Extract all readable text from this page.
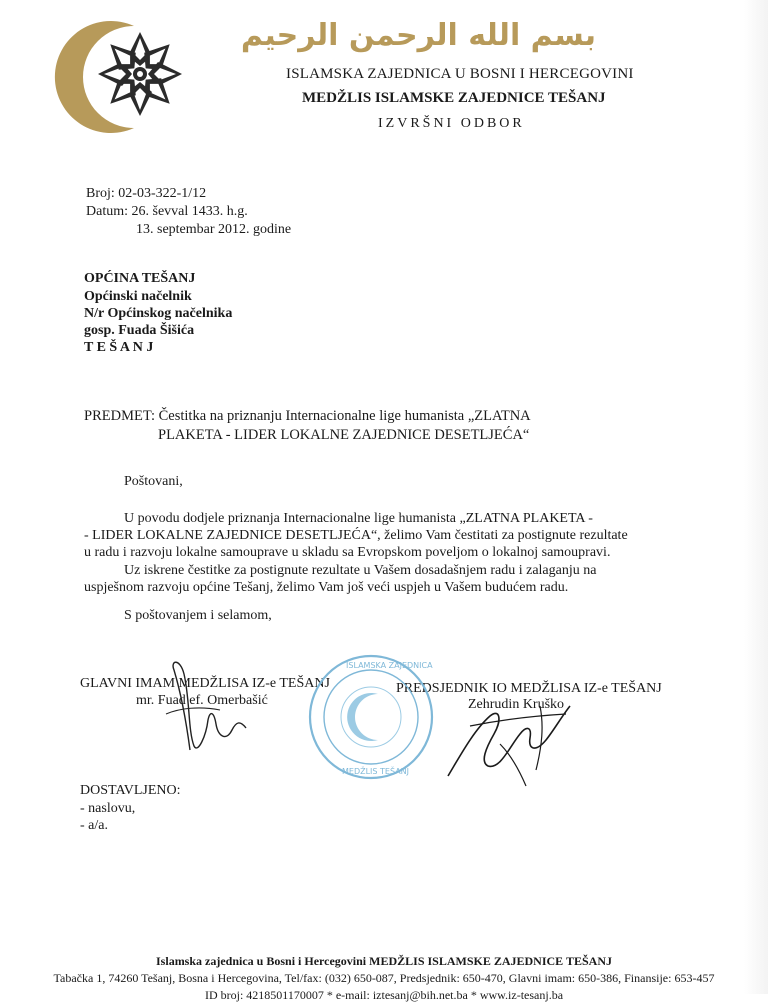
بسم الله الرحمن الرحيم
ISLAMSKA ZAJEDNICA U BOSNI I HERCEGOVINI
MEDŽLIS ISLAMSKE ZAJEDNICE TEŠANJ
IZVRŠNI ODBOR
Broj: 02-03-322-1/12
Datum: 26. ševval 1433. h.g.
13. septembar 2012. godine
OPĆINA TEŠANJ
Općinski načelnik
N/r Općinskog načelnika
gosp. Fuada Šišića
T E Š A N J
PREDMET: Čestitka na priznanju Internacionalne lige humanista „ZLATNA
PLAKETA - LIDER LOKALNE ZAJEDNICE DESETLJEĆA“
Poštovani,
U povodu dodjele priznanja Internacionalne lige humanista „ZLATNA PLAKETA -
- LIDER LOKALNE ZAJEDNICE DESETLJEĆA“, želimo Vam čestitati za postignute rezultate
u radu i razvoju lokalne samouprave u skladu sa Evropskom poveljom o lokalnoj samoupravi.
Uz iskrene čestitke za postignute rezultate u Vašem dosadašnjem radu i zalaganju na
uspješnom razvoju općine Tešanj, želimo Vam još veći uspjeh u Vašem budućem radu.
S poštovanjem i selamom,
GLAVNI IMAM MEDŽLISA IZ-e TEŠANJ
mr. Fuad ef. Omerbašić
PREDSJEDNIK IO MEDŽLISA IZ-e TEŠANJ
Zehrudin Kruško
ISLAMSKA ZAJEDNICA
MEDŽLIS TEŠANJ
DOSTAVLJENO:
- naslovu,
- a/a.
Islamska zajednica u Bosni i Hercegovini MEDŽLIS ISLAMSKE ZAJEDNICE TEŠANJ
Tabačka 1, 74260 Tešanj, Bosna i Hercegovina, Tel/fax: (032) 650-087, Predsjednik: 650-470, Glavni imam: 650-386, Finansije: 653-457
ID broj: 4218501170007 * e-mail: iztesanj@bih.net.ba * www.iz-tesanj.ba
